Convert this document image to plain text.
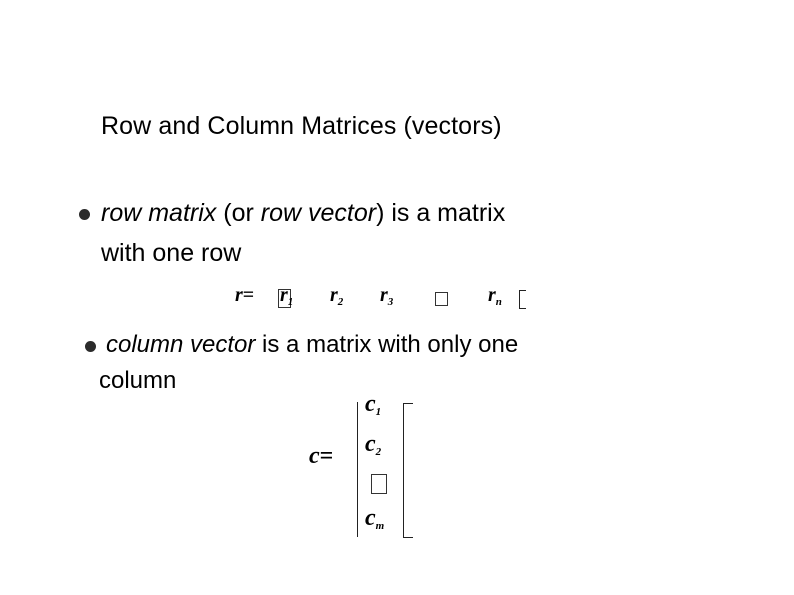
Row and Column Matrices (vectors)
row matrix (or row vector) is a matrix
with one row
$r= r_1$ $r_2$ $r_3$	$r_n$
column vector is a matrix with only one
column
c=
$c_1$
$c_2$
$c_m$
